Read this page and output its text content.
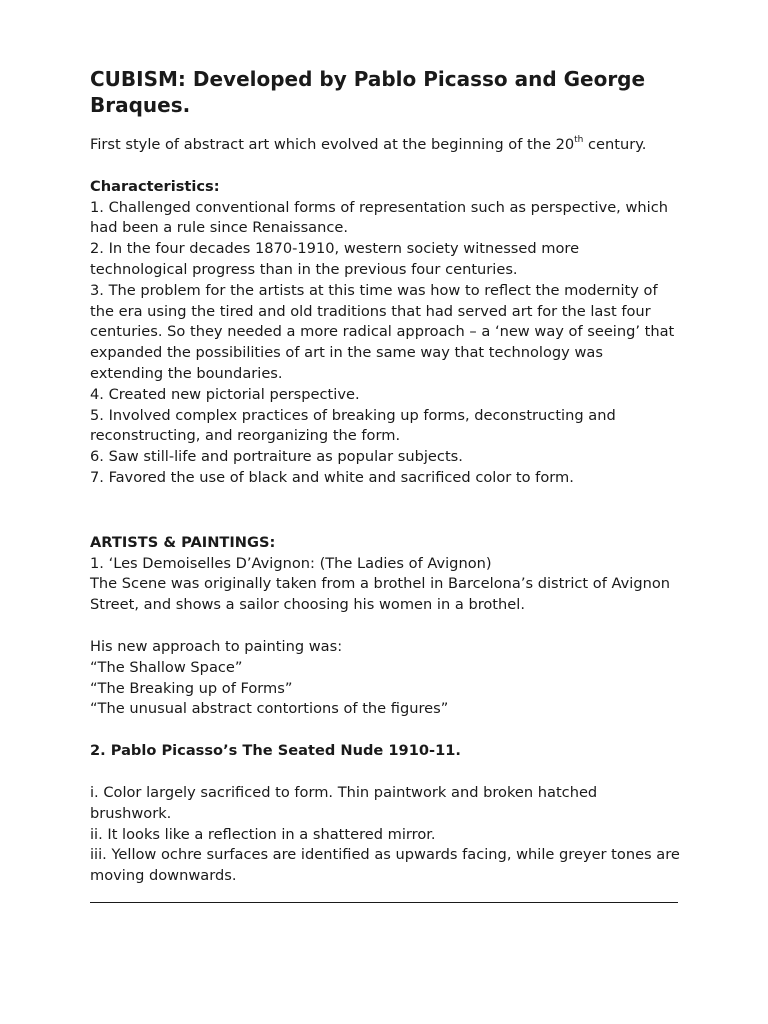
CUBISM: Developed by Pablo Picasso and George Braques.

First style of abstract art which evolved at the beginning of the 20th century.

Characteristics:

1. Challenged conventional forms of representation such as perspective, which had been a rule since Renaissance.

2. In the four decades 1870-1910, western society witnessed more technological progress than in the previous four centuries.

3. The problem for the artists at this time was how to reflect the modernity of the era using the tired and old traditions that had served art for the last four centuries. So they needed a more radical approach – a ‘new way of seeing’ that expanded the possibilities of art in the same way that technology was extending the boundaries.

4. Created new pictorial perspective.

5. Involved complex practices of breaking up forms, deconstructing and reconstructing, and reorganizing the form.

6. Saw still-life and portraiture as popular subjects.

7. Favored the use of black and white and sacrificed color to form.

ARTISTS & PAINTINGS:

1. ‘Les Demoiselles D’Avignon: (The Ladies of Avignon)

The Scene was originally taken from a brothel in Barcelona’s district of Avignon Street, and shows a sailor choosing his women in a brothel.

His new approach to painting was:

“The Shallow Space”

“The Breaking up of Forms”

“The unusual abstract contortions of the figures”

2. Pablo Picasso’s The Seated Nude 1910-11.

i. Color largely sacrificed to form. Thin paintwork and broken hatched brushwork.

ii. It looks like a reflection in a shattered mirror.

iii. Yellow ochre surfaces are identified as upwards facing, while greyer tones are moving downwards.
